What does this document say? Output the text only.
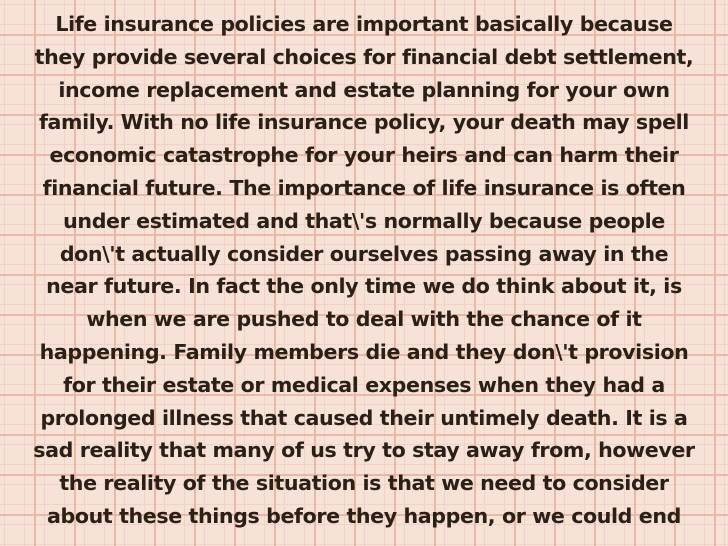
Life insurance policies are important basically because
they provide several choices for financial debt settlement,
income replacement and estate planning for your own
family. With no life insurance policy, your death may spell
economic catastrophe for your heirs and can harm their
financial future. The importance of life insurance is often
under estimated and that\'s normally because people
don\'t actually consider ourselves passing away in the
near future. In fact the only time we do think about it, is
when we are pushed to deal with the chance of it
happening. Family members die and they don\'t provision
for their estate or medical expenses when they had a
prolonged illness that caused their untimely death. It is a
sad reality that many of us try to stay away from, however
the reality of the situation is that we need to consider
about these things before they happen, or we could end
